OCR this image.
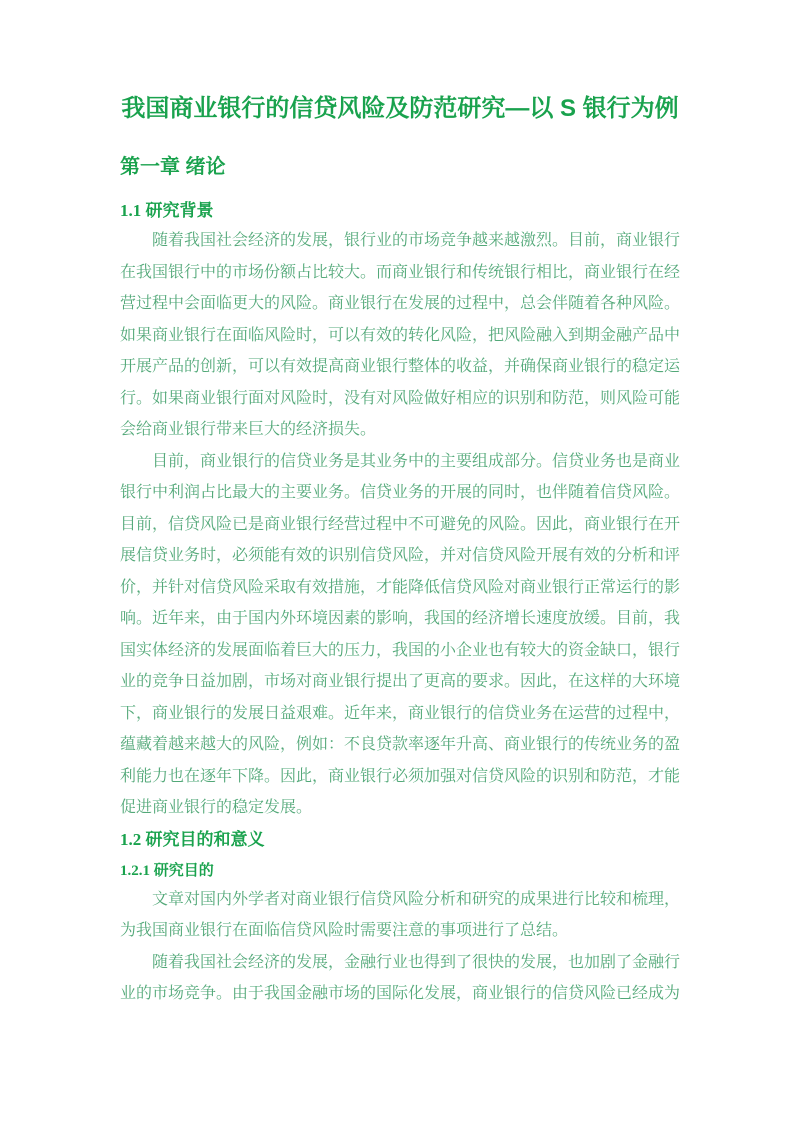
我国商业银行的信贷风险及防范研究—以 S 银行为例
第一章 绪论
1.1 研究背景

随着我国社会经济的发展，银行业的市场竞争越来越激烈。目前，商业银行在我国银行中的市场份额占比较大。而商业银行和传统银行相比，商业银行在经营过程中会面临更大的风险。商业银行在发展的过程中，总会伴随着各种风险。如果商业银行在面临风险时，可以有效的转化风险，把风险融入到期金融产品中开展产品的创新，可以有效提高商业银行整体的收益，并确保商业银行的稳定运行。如果商业银行面对风险时，没有对风险做好相应的识别和防范，则风险可能会给商业银行带来巨大的经济损失。

目前，商业银行的信贷业务是其业务中的主要组成部分。信贷业务也是商业银行中利润占比最大的主要业务。信贷业务的开展的同时，也伴随着信贷风险。目前，信贷风险已是商业银行经营过程中不可避免的风险。因此，商业银行在开展信贷业务时，必须能有效的识别信贷风险，并对信贷风险开展有效的分析和评价，并针对信贷风险采取有效措施，才能降低信贷风险对商业银行正常运行的影响。近年来，由于国内外环境因素的影响，我国的经济增长速度放缓。目前，我国实体经济的发展面临着巨大的压力，我国的小企业也有较大的资金缺口，银行业的竞争日益加剧，市场对商业银行提出了更高的要求。因此，在这样的大环境下，商业银行的发展日益艰难。近年来，商业银行的信贷业务在运营的过程中，蕴藏着越来越大的风险，例如：不良贷款率逐年升高、商业银行的传统业务的盈利能力也在逐年下降。因此，商业银行必须加强对信贷风险的识别和防范，才能促进商业银行的稳定发展。

1.2 研究目的和意义
1.2.1 研究目的

文章对国内外学者对商业银行信贷风险分析和研究的成果进行比较和梳理，为我国商业银行在面临信贷风险时需要注意的事项进行了总结。

随着我国社会经济的发展，金融行业也得到了很快的发展，也加剧了金融行业的市场竞争。由于我国金融市场的国际化发展，商业银行的信贷风险已经成为
